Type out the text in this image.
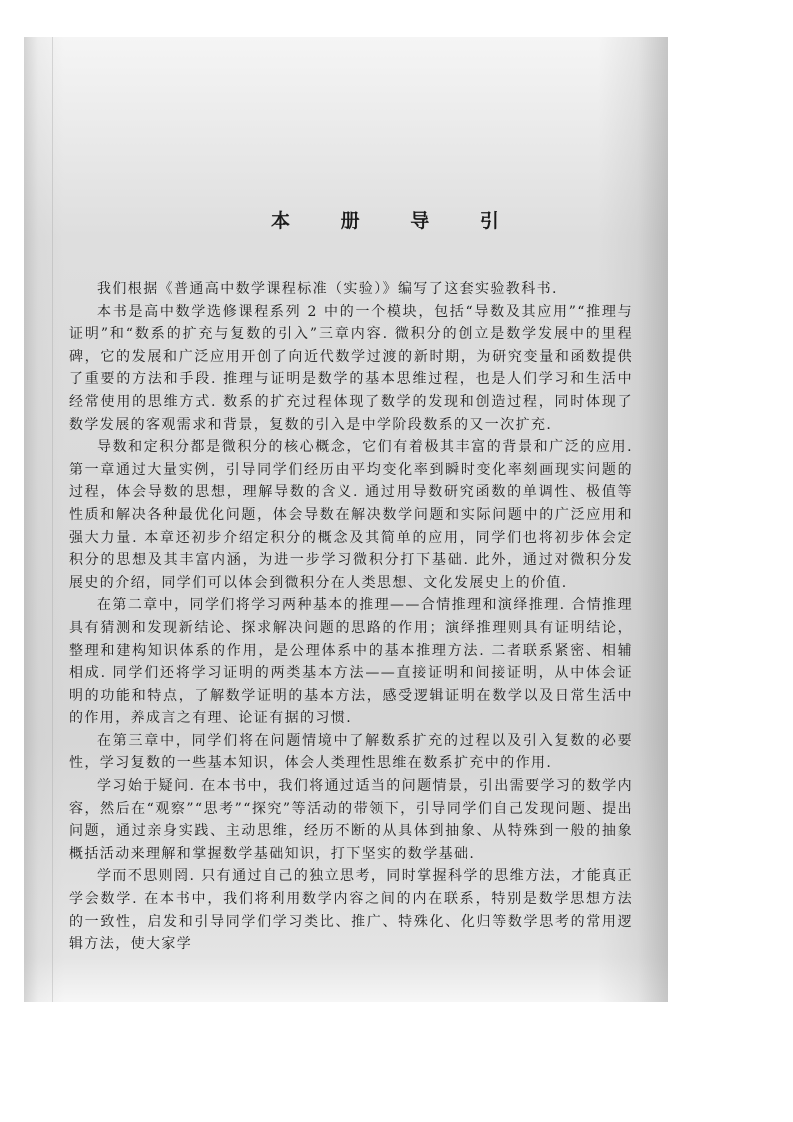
本 册 导 引

我们根据《普通高中数学课程标准（实验）》编写了这套实验教科书.

本书是高中数学选修课程系列 2 中的一个模块，包括“导数及其应用”“推理与证明”和“数系的扩充与复数的引入”三章内容. 微积分的创立是数学发展中的里程碑，它的发展和广泛应用开创了向近代数学过渡的新时期，为研究变量和函数提供了重要的方法和手段. 推理与证明是数学的基本思维过程，也是人们学习和生活中经常使用的思维方式. 数系的扩充过程体现了数学的发现和创造过程，同时体现了数学发展的客观需求和背景，复数的引入是中学阶段数系的又一次扩充.

导数和定积分都是微积分的核心概念，它们有着极其丰富的背景和广泛的应用. 第一章通过大量实例，引导同学们经历由平均变化率到瞬时变化率刻画现实问题的过程，体会导数的思想，理解导数的含义. 通过用导数研究函数的单调性、极值等性质和解决各种最优化问题，体会导数在解决数学问题和实际问题中的广泛应用和强大力量. 本章还初步介绍定积分的概念及其简单的应用，同学们也将初步体会定积分的思想及其丰富内涵，为进一步学习微积分打下基础. 此外，通过对微积分发展史的介绍，同学们可以体会到微积分在人类思想、文化发展史上的价值.

在第二章中，同学们将学习两种基本的推理——合情推理和演绎推理. 合情推理具有猜测和发现新结论、探求解决问题的思路的作用；演绎推理则具有证明结论，整理和建构知识体系的作用，是公理体系中的基本推理方法. 二者联系紧密、相辅相成. 同学们还将学习证明的两类基本方法——直接证明和间接证明，从中体会证明的功能和特点，了解数学证明的基本方法，感受逻辑证明在数学以及日常生活中的作用，养成言之有理、论证有据的习惯.

在第三章中，同学们将在问题情境中了解数系扩充的过程以及引入复数的必要性，学习复数的一些基本知识，体会人类理性思维在数系扩充中的作用.

学习始于疑问. 在本书中，我们将通过适当的问题情景，引出需要学习的数学内容，然后在“观察”“思考”“探究”等活动的带领下，引导同学们自己发现问题、提出问题，通过亲身实践、主动思维，经历不断的从具体到抽象、从特殊到一般的抽象概括活动来理解和掌握数学基础知识，打下坚实的数学基础.

学而不思则罔. 只有通过自己的独立思考，同时掌握科学的思维方法，才能真正学会数学. 在本书中，我们将利用数学内容之间的内在联系，特别是数学思想方法的一致性，启发和引导同学们学习类比、推广、特殊化、化归等数学思考的常用逻辑方法，使大家学
